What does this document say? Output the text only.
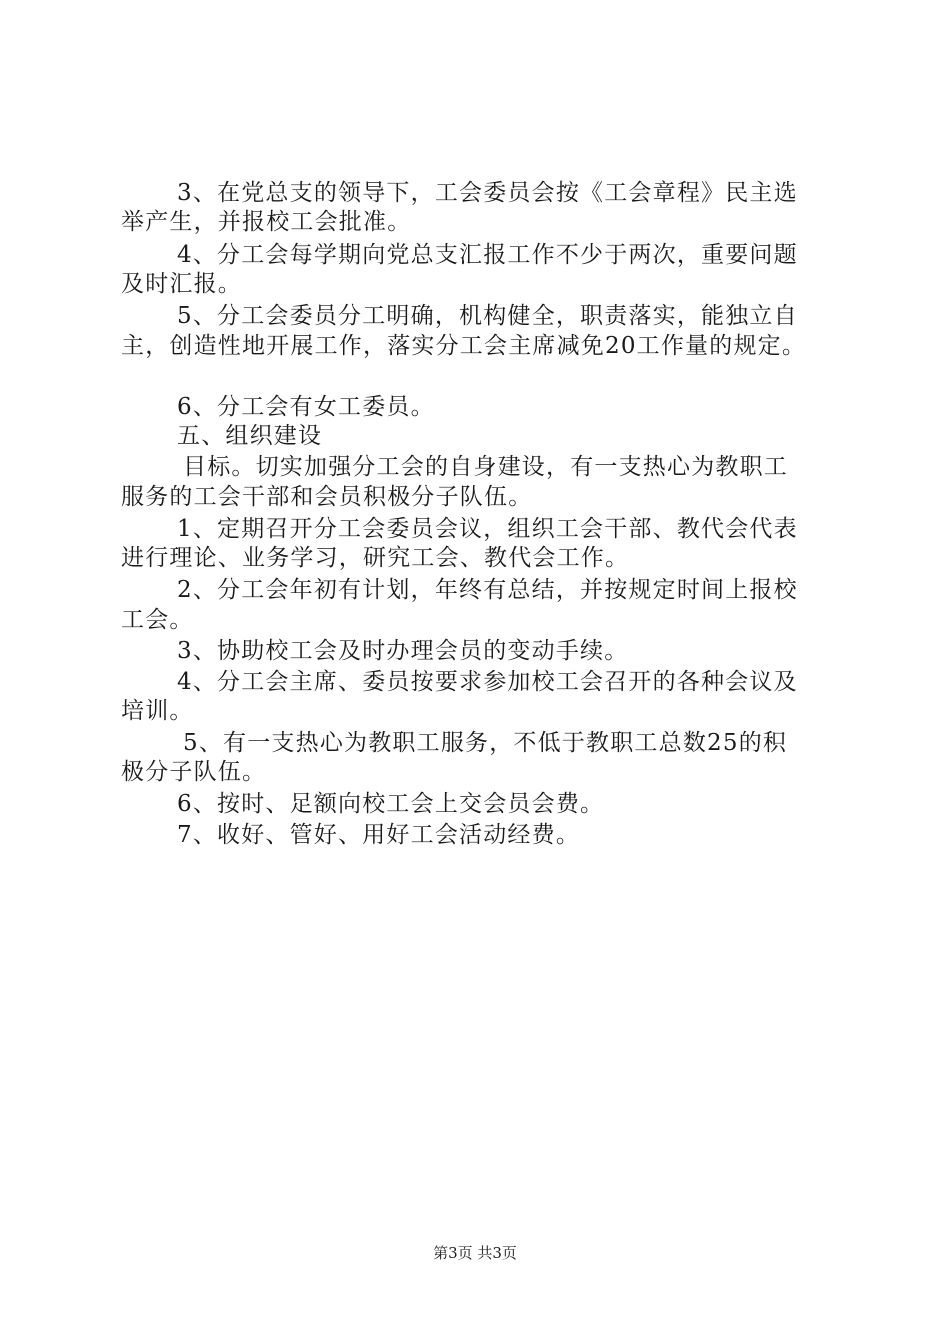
3、在党总支的领导下，工会委员会按《工会章程》民主选
举产生，并报校工会批准。
4、分工会每学期向党总支汇报工作不少于两次，重要问题
及时汇报。
5、分工会委员分工明确，机构健全，职责落实，能独立自
主，创造性地开展工作，落实分工会主席减免20工作量的规定。
6、分工会有女工委员。
五、组织建设
目标。切实加强分工会的自身建设，有一支热心为教职工
服务的工会干部和会员积极分子队伍。
1、定期召开分工会委员会议，组织工会干部、教代会代表
进行理论、业务学习，研究工会、教代会工作。
2、分工会年初有计划，年终有总结，并按规定时间上报校
工会。
3、协助校工会及时办理会员的变动手续。
4、分工会主席、委员按要求参加校工会召开的各种会议及
培训。
5、有一支热心为教职工服务，不低于教职工总数25的积
极分子队伍。
6、按时、足额向校工会上交会员会费。
7、收好、管好、用好工会活动经费。
第3页 共3页
